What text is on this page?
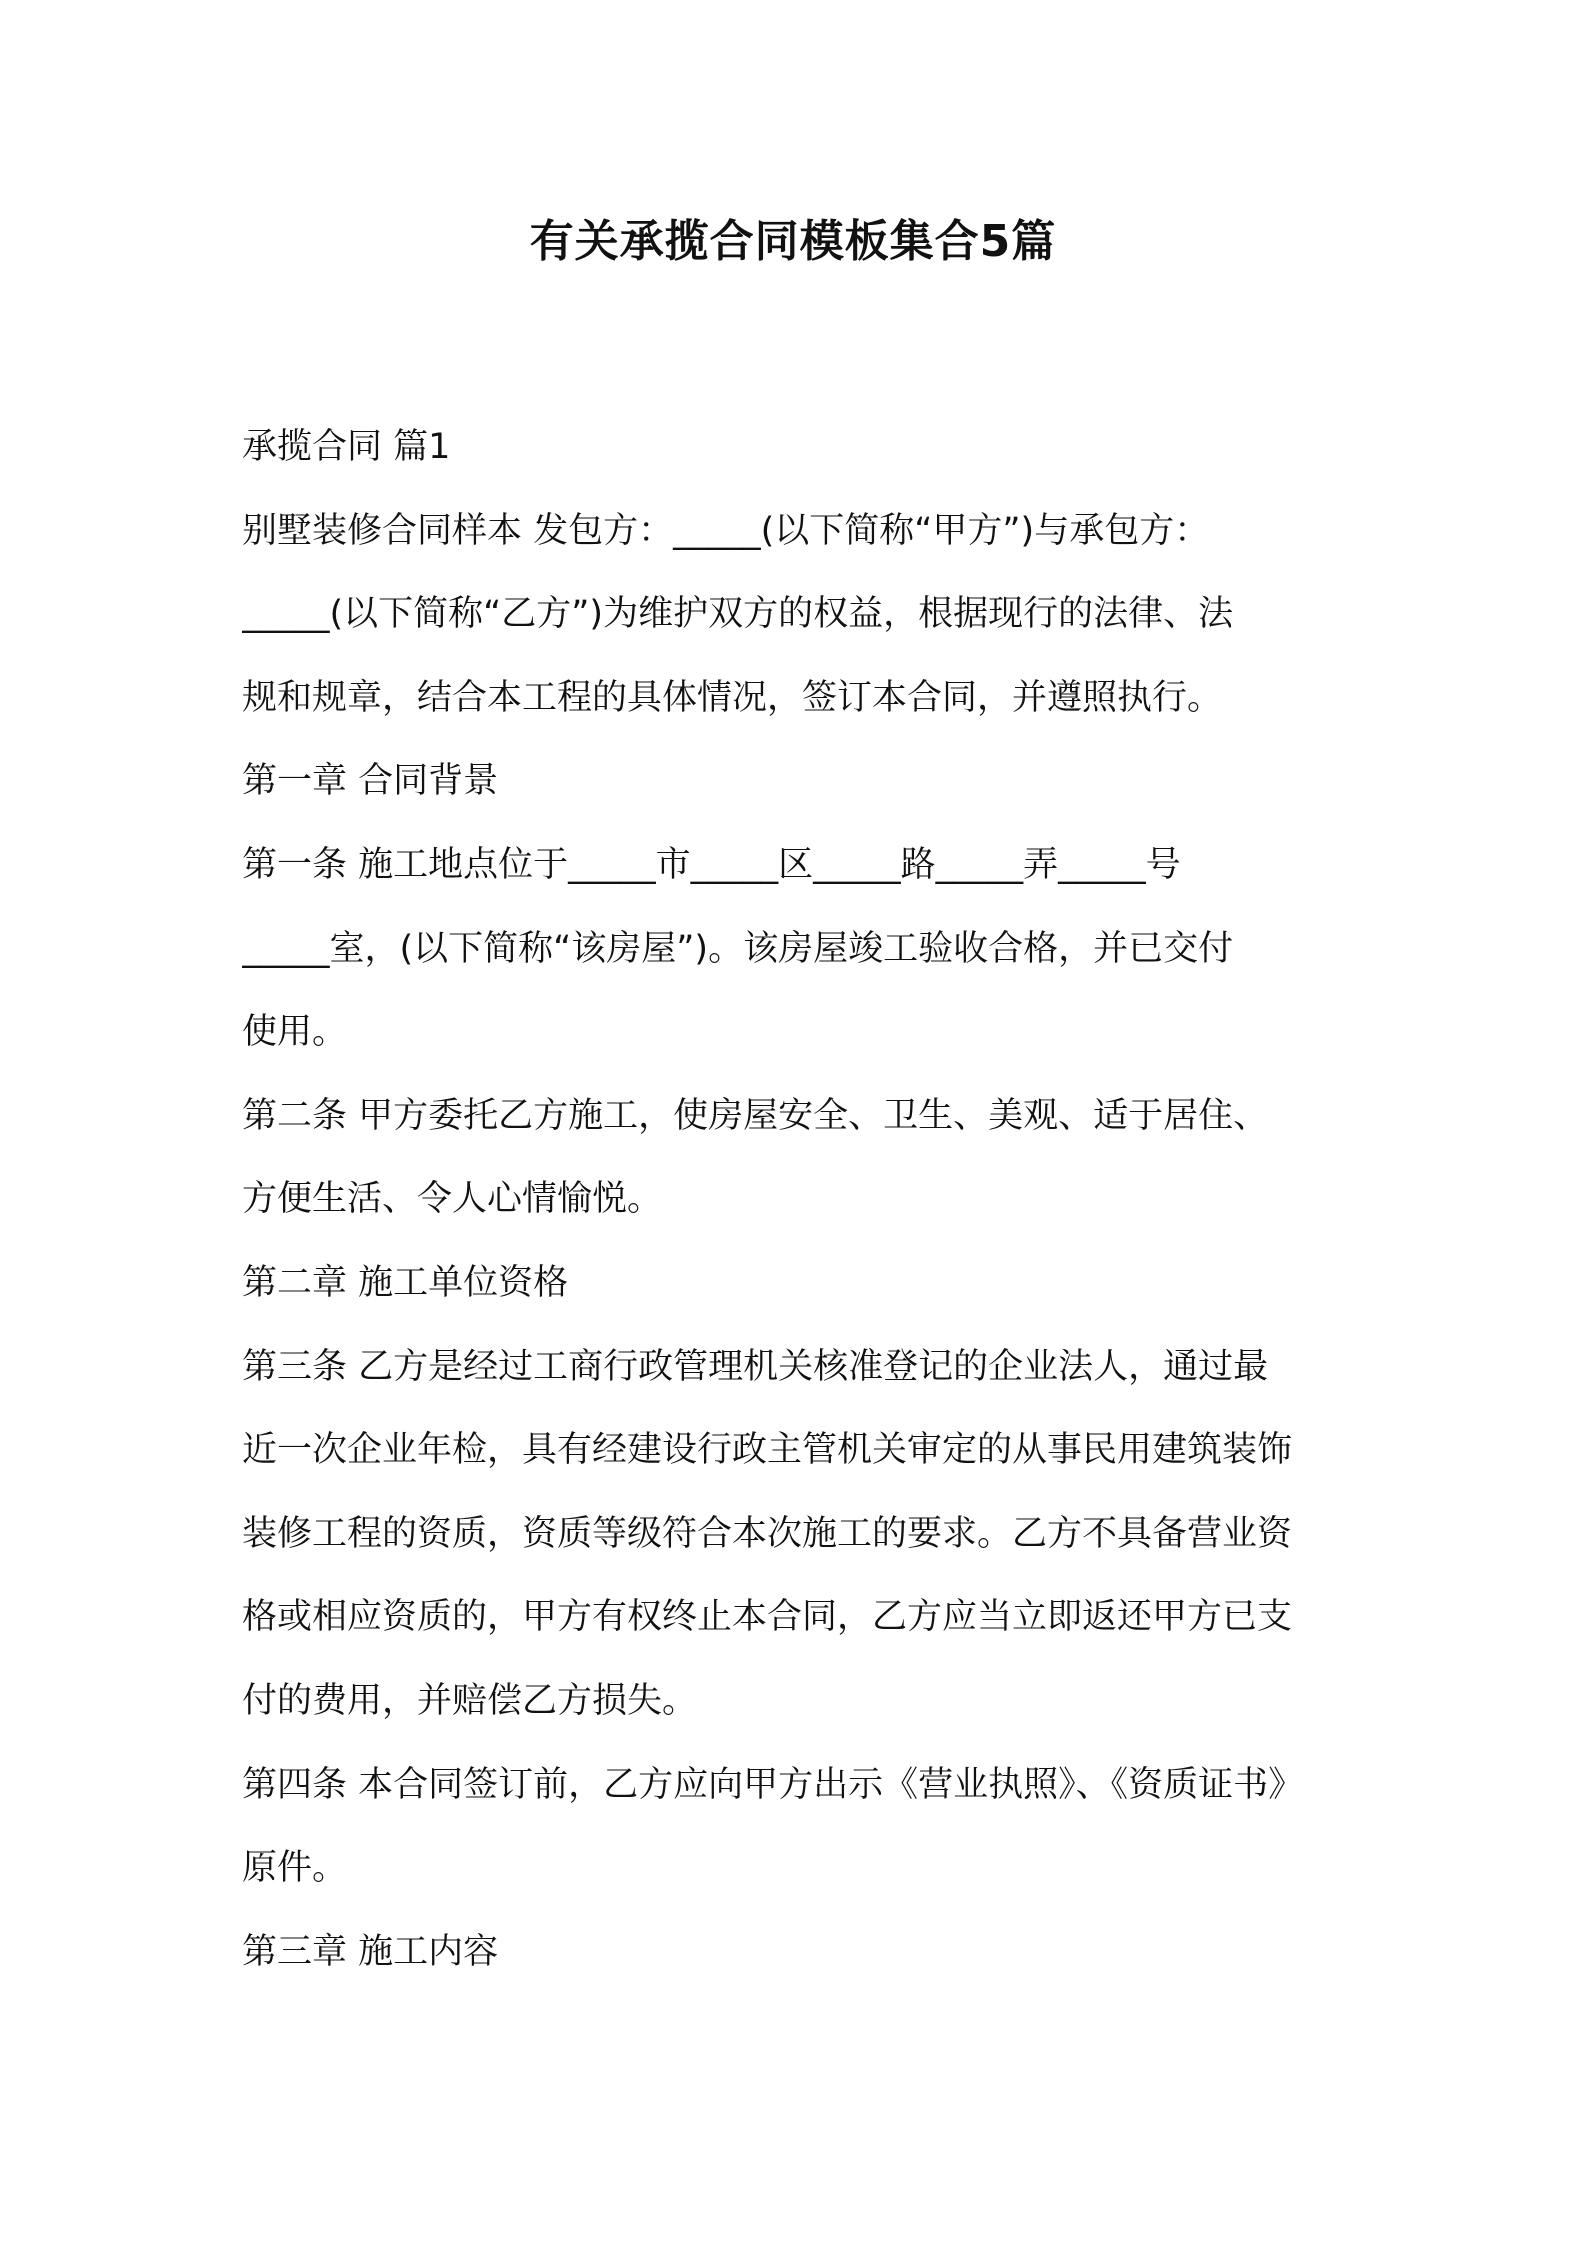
有关承揽合同模板集合5篇
承揽合同 篇1
别墅装修合同样本 发包方：_____(以下简称“甲方”)与承包方：
_____(以下简称“乙方”)为维护双方的权益，根据现行的法律、法
规和规章，结合本工程的具体情况，签订本合同，并遵照执行。
第一章 合同背景
第一条 施工地点位于_____市_____区_____路_____弄_____号
_____室，(以下简称“该房屋”)。该房屋竣工验收合格，并已交付
使用。
第二条 甲方委托乙方施工，使房屋安全、卫生、美观、适于居住、
方便生活、令人心情愉悦。
第二章 施工单位资格
第三条 乙方是经过工商行政管理机关核准登记的企业法人，通过最
近一次企业年检，具有经建设行政主管机关审定的从事民用建筑装饰
装修工程的资质，资质等级符合本次施工的要求。乙方不具备营业资
格或相应资质的，甲方有权终止本合同，乙方应当立即返还甲方已支
付的费用，并赔偿乙方损失。
第四条 本合同签订前，乙方应向甲方出示《营业执照》、《资质证书》
原件。
第三章 施工内容
